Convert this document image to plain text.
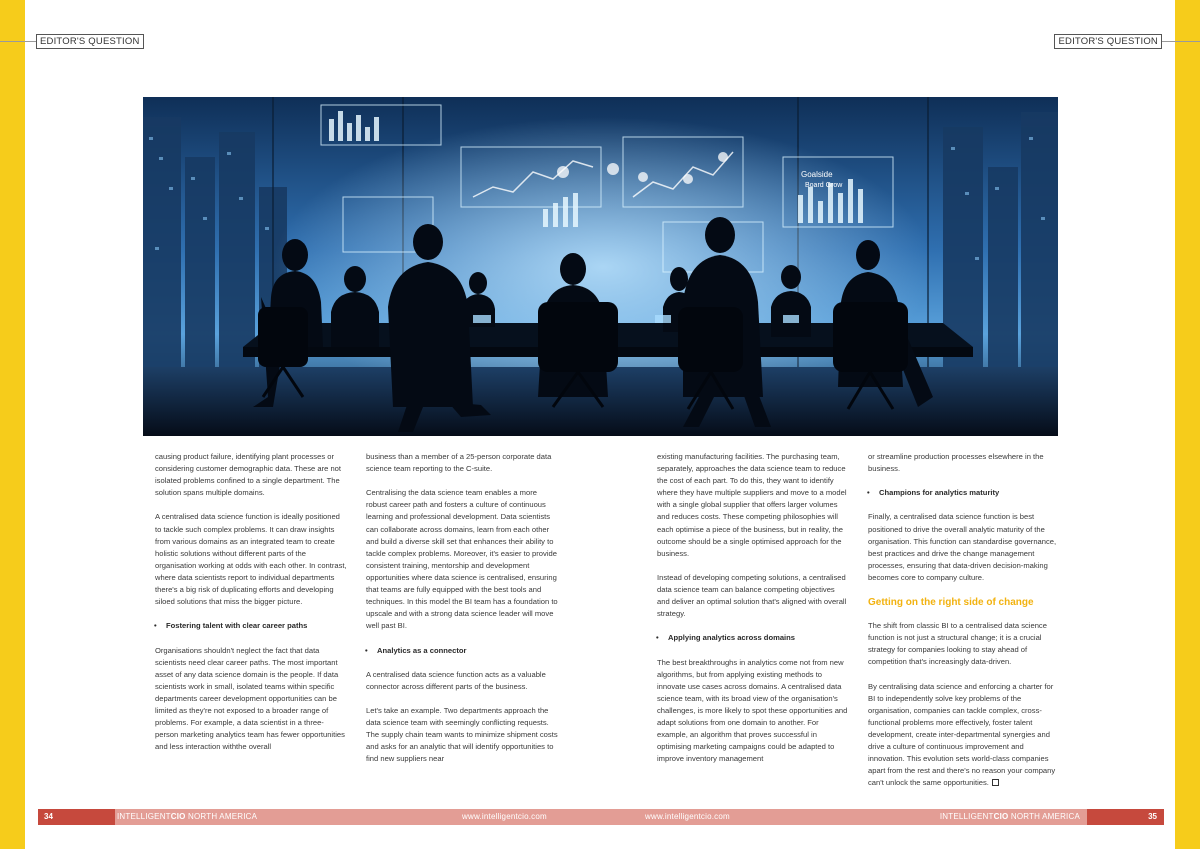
EDITOR'S QUESTION	EDITOR'S QUESTION
Goalside
Board Grow

causing product failure, identifying plant processes or considering customer demographic data. These are not isolated problems confined to a single department. The solution spans multiple domains.

A centralised data science function is ideally positioned to tackle such complex problems. It can draw insights from various domains as an integrated team to create holistic solutions without different parts of the organisation working at odds with each other. In contrast, where data scientists report to individual departments there's a big risk of duplicating efforts and developing siloed solutions that miss the bigger picture.

• Fostering talent with clear career paths

Organisations shouldn't neglect the fact that data scientists need clear career paths. The most important asset of any data science domain is the people. If data scientists work in small, isolated teams within specific departments career development opportunities can be limited as they're not exposed to a broader range of problems. For example, a data scientist in a three-person marketing analytics team has fewer opportunities and less interaction withthe overall

business than a member of a 25-person corporate data science team reporting to the C-suite.

Centralising the data science team enables a more robust career path and fosters a culture of continuous learning and professional development. Data scientists can collaborate across domains, learn from each other and build a diverse skill set that enhances their ability to tackle complex problems. Moreover, it's easier to provide consistent training, mentorship and development opportunities where data science is centralised, ensuring that teams are fully equipped with the best tools and techniques. In this model the BI team has a foundation to upscale and with a strong data science leader will move well past BI.

• Analytics as a connector

A centralised data science function acts as a valuable connector across different parts of the business.

Let's take an example. Two departments approach the data science team with seemingly conflicting requests. The supply chain team wants to minimize shipment costs and asks for an analytic that will identify opportunities to find new suppliers near

existing manufacturing facilities. The purchasing team, separately, approaches the data science team to reduce the cost of each part. To do this, they want to identify where they have multiple suppliers and move to a model with a single global supplier that offers larger volumes and reduces costs. These competing philosophies will each optimise a piece of the business, but in reality, the outcome should be a single optimised approach for the business.

Instead of developing competing solutions, a centralised data science team can balance competing objectives and deliver an optimal solution that's aligned with overall strategy.

• Applying analytics across domains

The best breakthroughs in analytics come not from new algorithms, but from applying existing methods to innovate use cases across domains. A centralised data science team, with its broad view of the organisation's challenges, is more likely to spot these opportunities and adapt solutions from one domain to another. For example, an algorithm that proves successful in optimising marketing campaigns could be adapted to improve inventory management

or streamline production processes elsewhere in the business.

• Champions for analytics maturity

Finally, a centralised data science function is best positioned to drive the overall analytic maturity of the organisation. This function can standardise governance, best practices and drive the change management processes, ensuring that data-driven decision-making becomes core to company culture.

Getting on the right side of change

The shift from classic BI to a centralised data science function is not just a structural change; it is a crucial strategy for companies looking to stay ahead of competition that's increasingly data-driven.

By centralising data science and enforcing a charter for BI to independently solve key problems of the organisation, companies can tackle complex, cross-functional problems more effectively, foster talent development, create inter-departmental synergies and drive a culture of continuous improvement and innovation. This evolution sets world-class companies apart from the rest and there's no reason your company can't unlock the same opportunities.

34	INTELLIGENTCIO NORTH AMERICA	www.intelligentcio.com	www.intelligentcio.com	INTELLIGENTCIO NORTH AMERICA	35
